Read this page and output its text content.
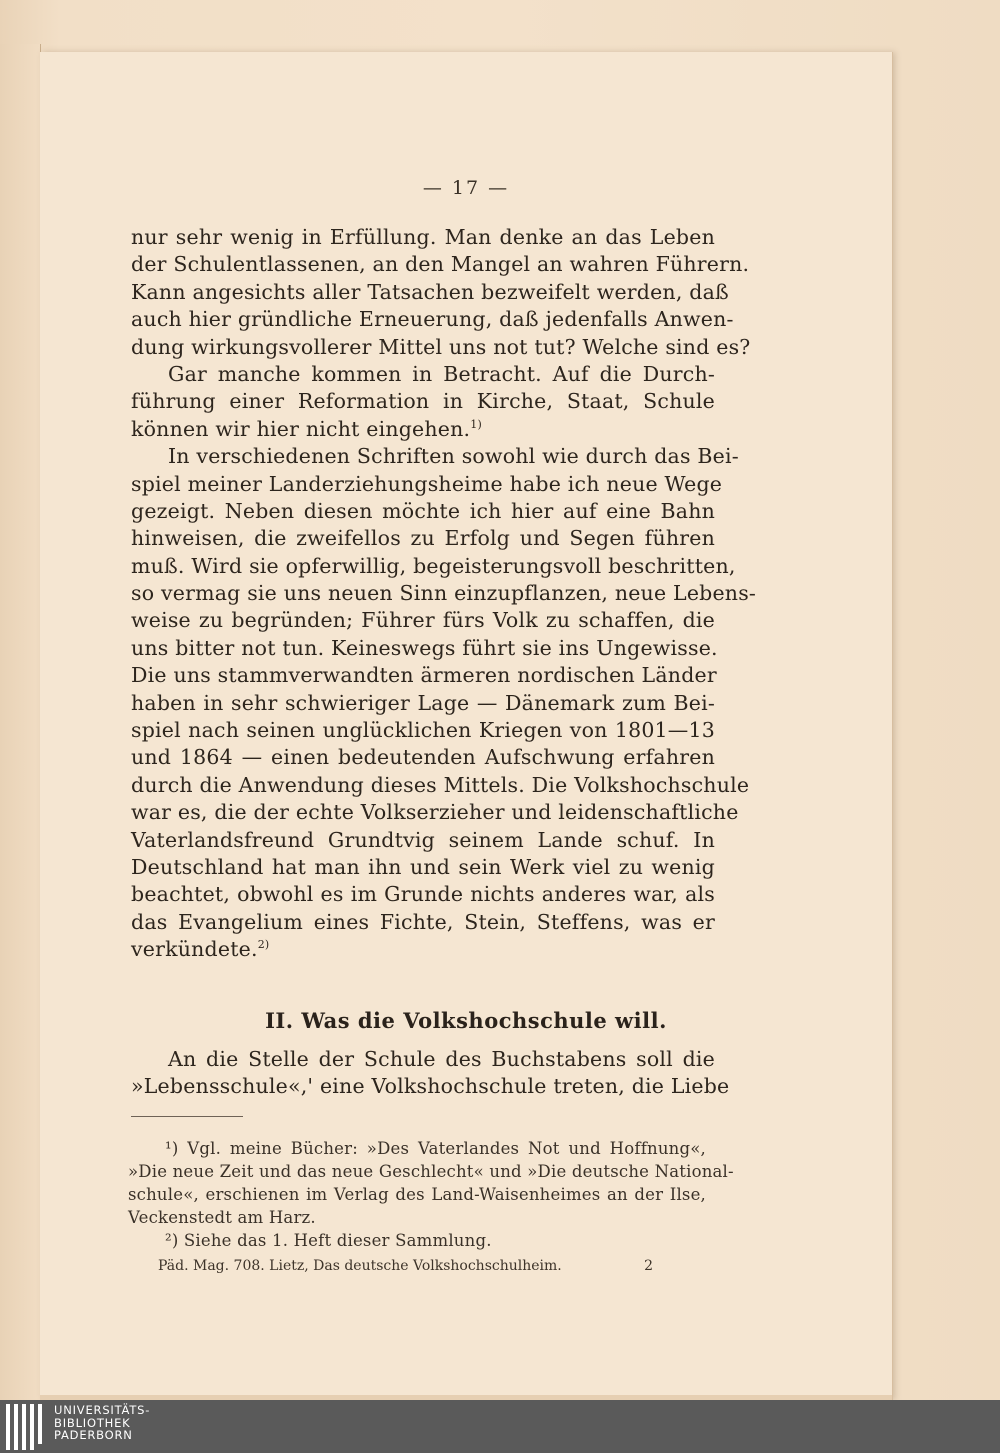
— 17 —
nur sehr wenig in Erfüllung. Man denke an das Leben
der Schulentlassenen, an den Mangel an wahren Führern.
Kann angesichts aller Tatsachen bezweifelt werden, daß
auch hier gründliche Erneuerung, daß jedenfalls Anwen-
dung wirkungsvollerer Mittel uns not tut? Welche sind es?
Gar manche kommen in Betracht. Auf die Durch-
führung einer Reformation in Kirche, Staat, Schule
können wir hier nicht eingehen.$^{1)}$
In verschiedenen Schriften sowohl wie durch das Bei-
spiel meiner Landerziehungsheime habe ich neue Wege
gezeigt. Neben diesen möchte ich hier auf eine Bahn
hinweisen, die zweifellos zu Erfolg und Segen führen
muß. Wird sie opferwillig, begeisterungsvoll beschritten,
so vermag sie uns neuen Sinn einzupflanzen, neue Lebens-
weise zu begründen; Führer fürs Volk zu schaffen, die
uns bitter not tun. Keineswegs führt sie ins Ungewisse.
Die uns stammverwandten ärmeren nordischen Länder
haben in sehr schwieriger Lage — Dänemark zum Bei-
spiel nach seinen unglücklichen Kriegen von 1801—13
und 1864 — einen bedeutenden Aufschwung erfahren
durch die Anwendung dieses Mittels. Die Volkshochschule
war es, die der echte Volkserzieher und leidenschaftliche
Vaterlandsfreund Grundtvig seinem Lande schuf. In
Deutschland hat man ihn und sein Werk viel zu wenig
beachtet, obwohl es im Grunde nichts anderes war, als
das Evangelium eines Fichte, Stein, Steffens, was er
verkündete.$^{2)}$
II. Was die Volkshochschule will.
An die Stelle der Schule des Buchstabens soll die
»Lebensschule«,' eine Volkshochschule treten, die Liebe
¹) Vgl. meine Bücher: »Des Vaterlandes Not und Hoffnung«,
»Die neue Zeit und das neue Geschlecht« und »Die deutsche National-
schule«, erschienen im Verlag des Land-Waisenheimes an der Ilse,
Veckenstedt am Harz.
²) Siehe das 1. Heft dieser Sammlung.
Päd. Mag. 708. Lietz, Das deutsche Volkshochschulheim.	2
UNIVERSITÄTS-
BIBLIOTHEK
PADERBORN
